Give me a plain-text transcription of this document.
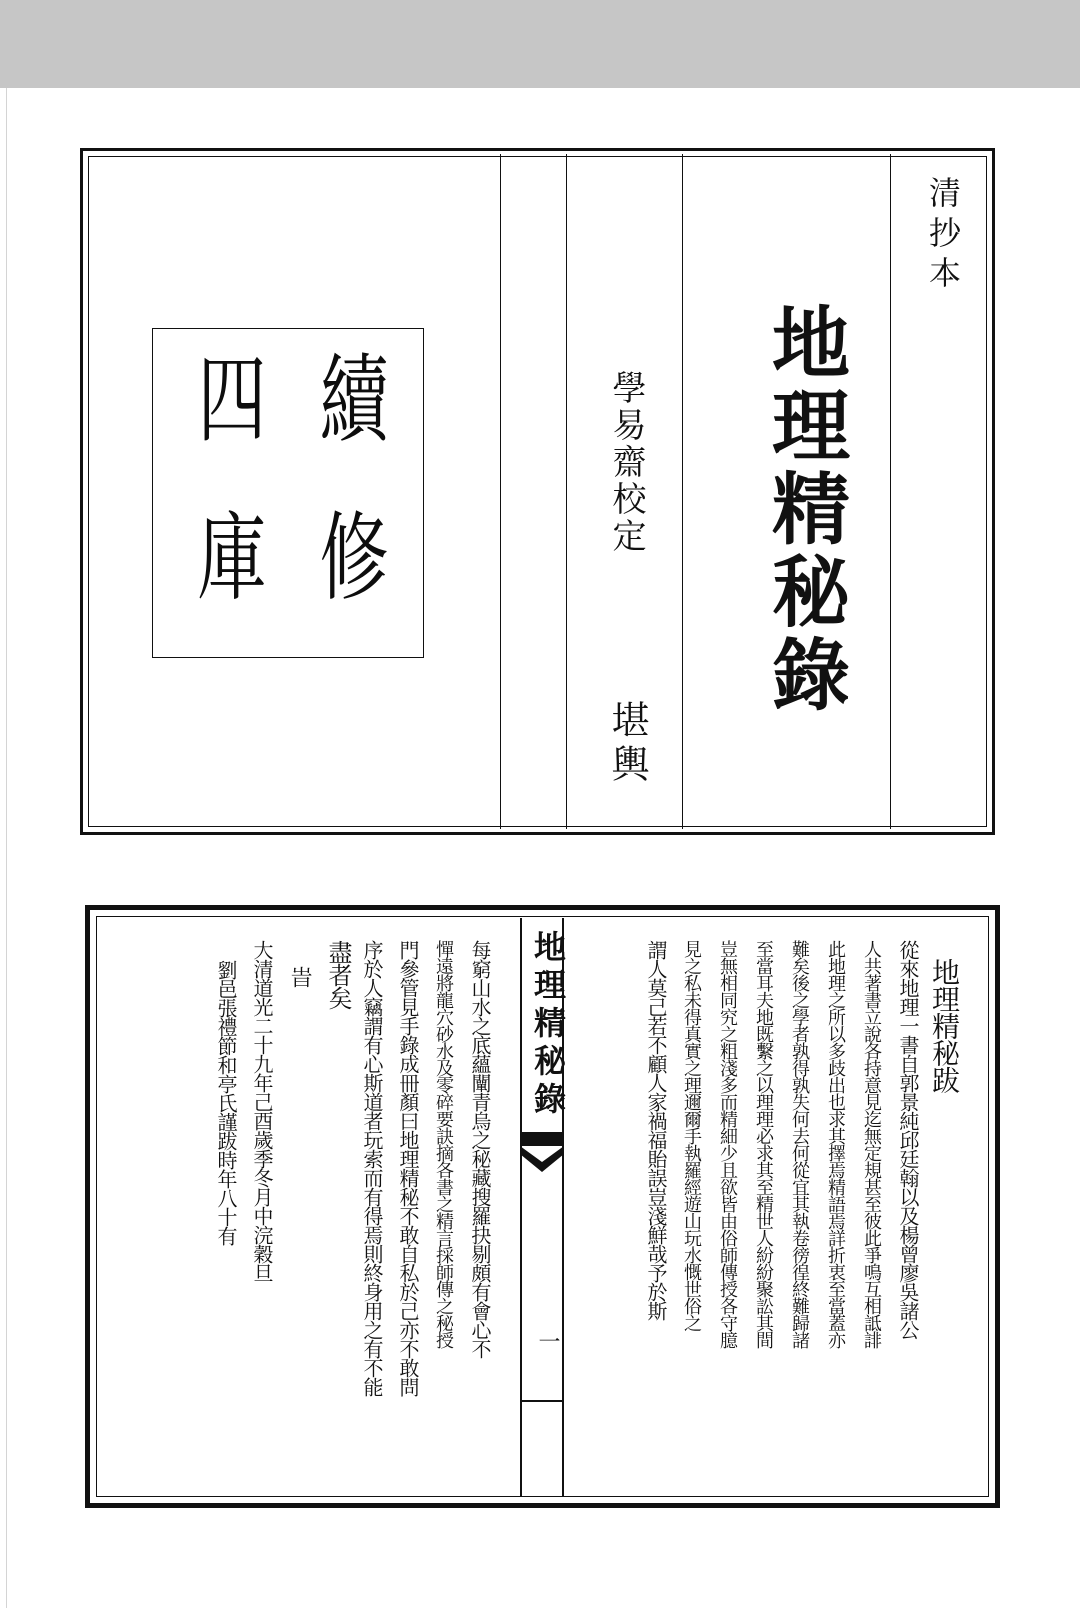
清抄本
地理精秘錄
學易齋校定
堪輿
續
修
四
庫
地理精秘錄
一
地理精秘跋
從來地理一書自郭景純邱廷翰以及楊曾廖吳諸公
人共著書立說各持意見迄無定規甚至彼此爭鳴互相詆誹
此地理之所以多歧出也求其擇焉精語焉詳折衷至當蓋亦
難矣後之學者孰得孰失何去何從宜其執卷徬徨終難歸諸
至當耳夫地既繫之以理理必求其至精世人紛紛聚訟其間
豈無相同究之粗淺多而精細少且欲皆由俗師傳授各守臆
見之私未得真實之理邇爾手執羅經遊山玩水慨世俗之
謂人莫己若不顧人家禍福貽誤豈淺鮮哉予於斯
每窮山水之底蘊闡青烏之秘藏搜羅抉剔頗有會心不
憚遠將龍穴砂水及零碎要訣摘各書之精言採師傳之秘授
門參管見手錄成冊顏曰地理精秘不敢自私於己亦不敢問
序於人竊謂有心斯道者玩索而有得焉則終身用之有不能
盡者矣
旹
大清道光二十九年己酉歲季冬月中浣穀旦
劉邑張禮節和亭氏謹跋時年八十有
